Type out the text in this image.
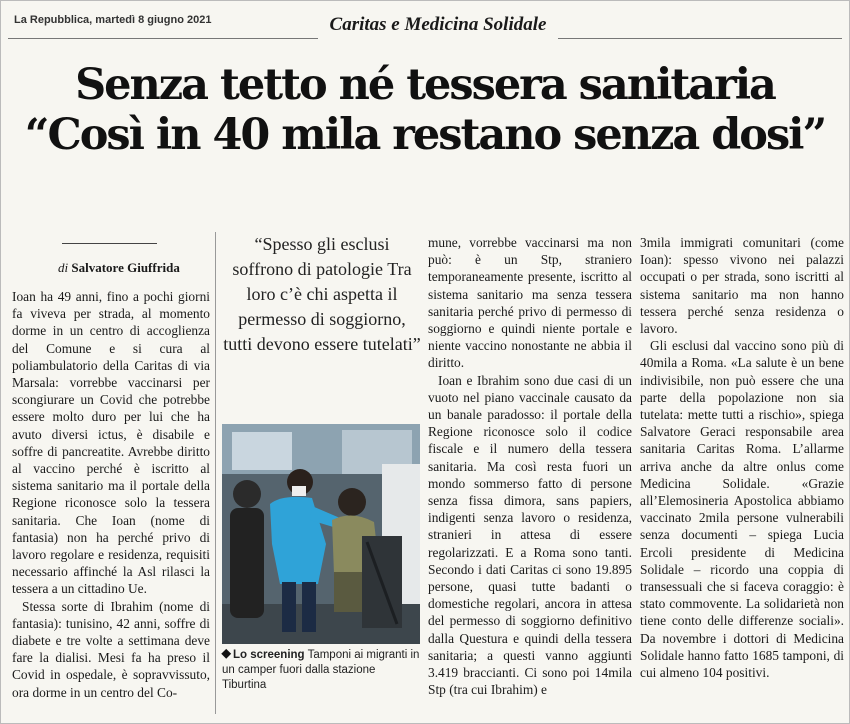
La Repubblica, martedì 8 giugno 2021	Caritas e Medicina Solidale
Senza tetto né tessera sanitaria
“Così in 40 mila restano senza dosi”
di Salvatore Giuffrida

Ioan ha 49 anni, fino a pochi giorni fa viveva per strada, al momento dorme in un centro di accoglienza del Comune e si cura al poliambulatorio della Caritas di via Marsala: vorrebbe vaccinarsi per scongiurare un Covid che potrebbe essere molto duro per lui che ha avuto diversi ictus, è disabile e soffre di pancreatite. Avrebbe diritto al vaccino perché è iscritto al sistema sanitario ma il portale della Regione riconosce solo la tessera sanitaria. Che Ioan (nome di fantasia) non ha perché privo di lavoro regolare e residenza, requisiti necessario affinché la Asl rilasci la tessera a un cittadino Ue.

Stessa sorte di Ibrahim (nome di fantasia): tunisino, 42 anni, soffre di diabete e tre volte a settimana deve fare la dialisi. Mesi fa ha preso il Covid in ospedale, è sopravvissuto, ora dorme in un centro del Co-

“Spesso gli esclusi soffrono di patologie Tra loro c’è chi aspetta il permesso di soggiorno, tutti devono essere tutelati”
Lo screening Tamponi ai migranti in un camper fuori dalla stazione Tiburtina

mune, vorrebbe vaccinarsi ma non può: è un Stp, straniero temporaneamente presente, iscritto al sistema sanitario ma senza tessera sanitaria perché privo di permesso di soggiorno e quindi niente portale e niente vaccino nonostante ne abbia il diritto.

Ioan e Ibrahim sono due casi di un vuoto nel piano vaccinale causato da un banale paradosso: il portale della Regione riconosce solo il codice fiscale e il numero della tessera sanitaria. Ma così resta fuori un mondo sommerso fatto di persone senza fissa dimora, sans papiers, indigenti senza lavoro o residenza, stranieri in attesa di essere regolarizzati. E a Roma sono tanti. Secondo i dati Caritas ci sono 19.895 persone, quasi tutte badanti o domestiche regolari, ancora in attesa del permesso di soggiorno definitivo dalla Questura e quindi della tessera sanitaria; a questi vanno aggiunti 3.419 braccianti. Ci sono poi 14mila Stp (tra cui Ibrahim) e

3mila immigrati comunitari (come Ioan): spesso vivono nei palazzi occupati o per strada, sono iscritti al sistema sanitario ma non hanno tessera perché senza residenza o lavoro.

Gli esclusi dal vaccino sono più di 40mila a Roma. «La salute è un bene indivisibile, non può essere che una parte della popolazione non sia tutelata: mette tutti a rischio», spiega Salvatore Geraci responsabile area sanitaria Caritas Roma. L’allarme arriva anche da altre onlus come Medicina Solidale. «Grazie all’Elemosineria Apostolica abbiamo vaccinato 2mila persone vulnerabili senza documenti – spiega Lucia Ercoli presidente di Medicina Solidale – ricordo una coppia di transessuali che si faceva coraggio: è stato commovente. La solidarietà non tiene conto delle differenze sociali». Da novembre i dottori di Medicina Solidale hanno fatto 1685 tamponi, di cui almeno 104 positivi.
